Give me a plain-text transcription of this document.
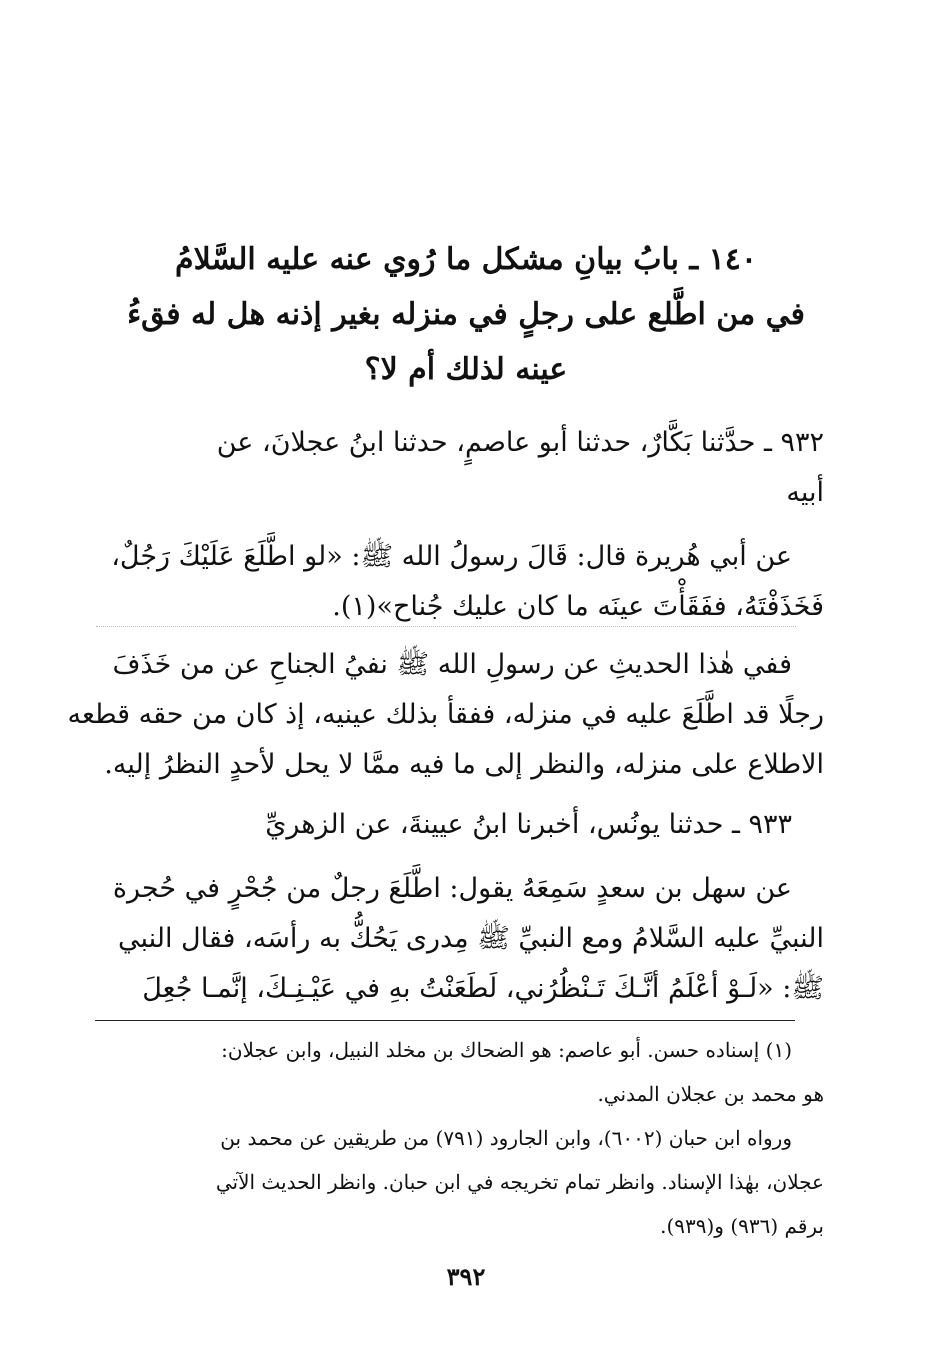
١٤٠ ـ بابُ بيانِ مشكل ما رُوي عنه عليه السَّلامُ
في من اطَّلع على رجلٍ في منزله بغير إذنه هل له فقءُ
عينه لذلك أم لا؟
٩٣٢ ـ حدَّثنا بَكَّارٌ، حدثنا أبو عاصمٍ، حدثنا ابنُ عجلانَ، عن
أبيه
عن أبي هُريرة قال: قَالَ رسولُ الله ﷺ: «لو اطَّلَعَ عَلَيْكَ رَجُلٌ،
فَخَذَفْتَهُ، ففَقَأْتَ عينَه ما كان عليك جُناح»(١).
ففي هٰذا الحديثِ عن رسولِ الله ﷺ نفيُ الجناحِ عن من خَذَفَ
رجلًا قد اطَّلَعَ عليه في منزله، ففقأ بذلك عينيه، إذ كان من حقه قطعه
الاطلاع على منزله، والنظر إلى ما فيه ممَّا لا يحل لأحدٍ النظرُ إليه.
٩٣٣ ـ حدثنا يونُس، أخبرنا ابنُ عيينةَ، عن الزهريِّ
عن سهل بن سعدٍ سَمِعَهُ يقول: اطَّلَعَ رجلٌ من جُحْرٍ في حُجرة
النبيِّ عليه السَّلامُ ومع النبيِّ ﷺ مِدرى يَحُكُّ به رأسَه، فقال النبي
ﷺ: «لَـوْ أعْلَمُ أنَّـكَ تَـنْظُرُني، لَطَعَنْتُ بهِ في عَيْـنِـكَ، إنَّمـا جُعِلَ
(١) إسناده حسن. أبو عاصم: هو الضحاك بن مخلد النبيل، وابن عجلان:
هو محمد بن عجلان المدني.
ورواه ابن حبان (٦٠٠٢)، وابن الجارود (٧٩١) من طريقين عن محمد بن
عجلان، بهٰذا الإسناد. وانظر تمام تخريجه في ابن حبان. وانظر الحديث الآتي
برقم (٩٣٦) و(٩٣٩).
٣٩٢
